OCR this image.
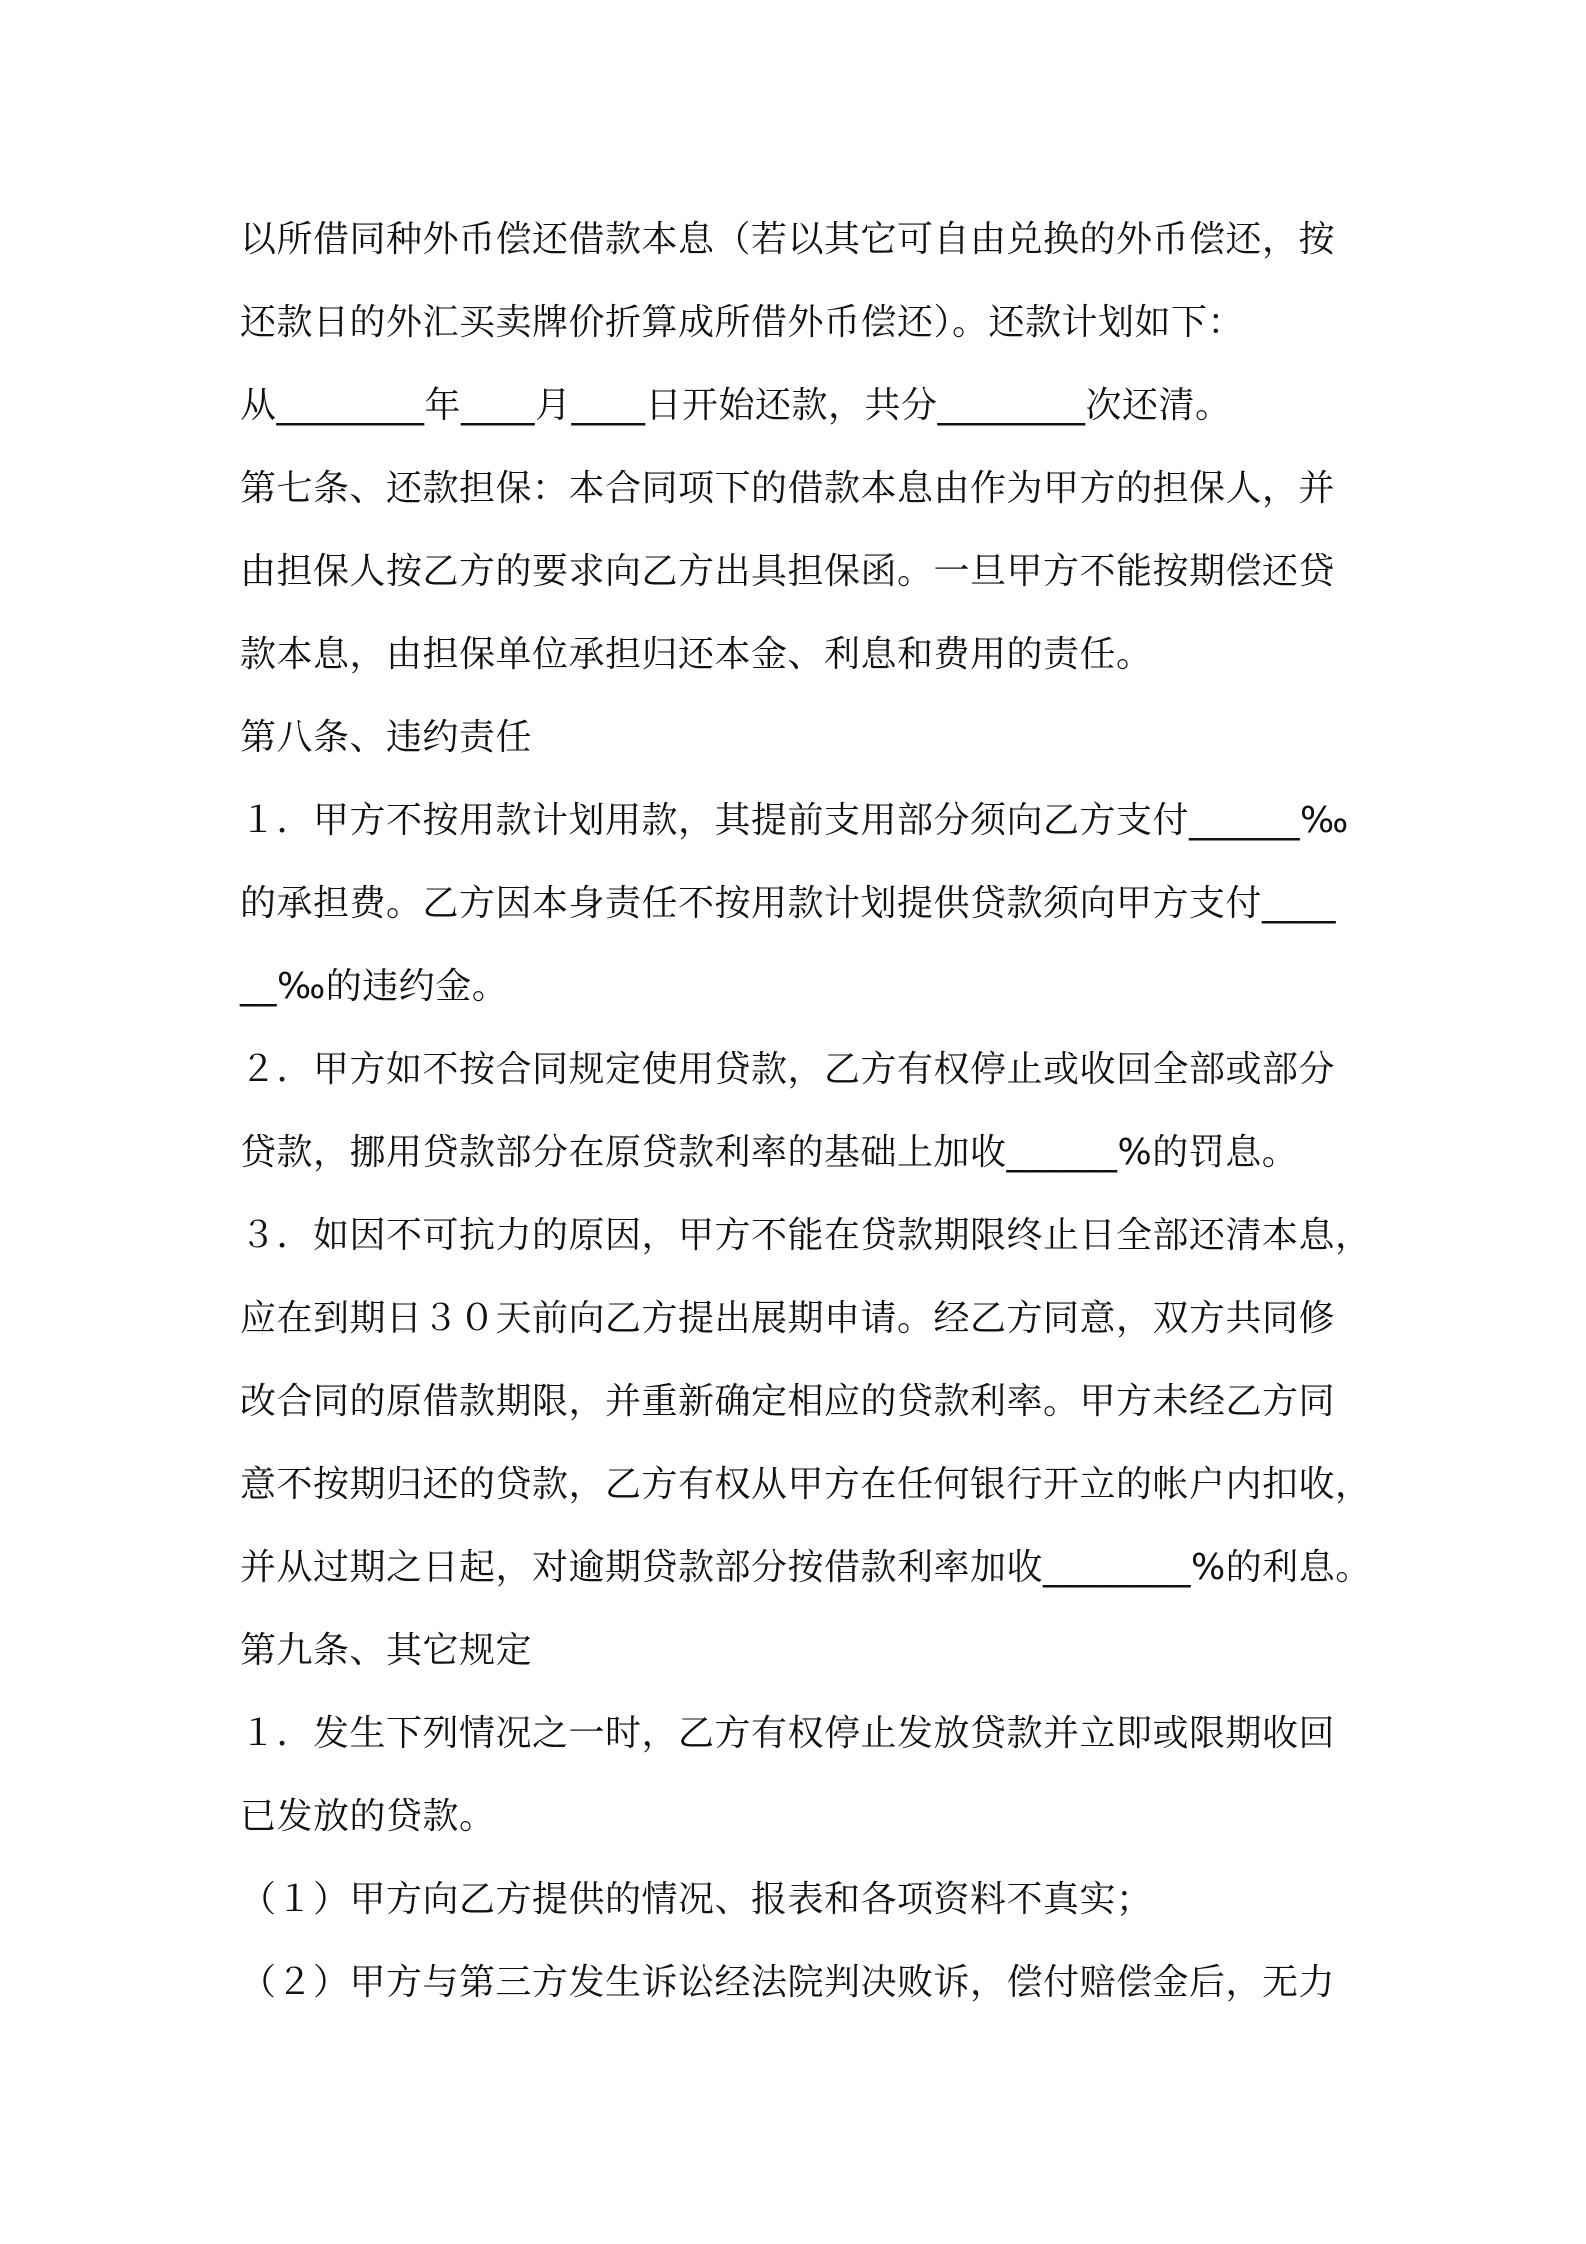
以所借同种外币偿还借款本息（若以其它可自由兑换的外币偿还，按
还款日的外汇买卖牌价折算成所借外币偿还）。还款计划如下：
从________年____月____日开始还款，共分________次还清。
第七条、还款担保：本合同项下的借款本息由作为甲方的担保人，并
由担保人按乙方的要求向乙方出具担保函。一旦甲方不能按期偿还贷
款本息，由担保单位承担归还本金、利息和费用的责任。
第八条、违约责任
１．甲方不按用款计划用款，其提前支用部分须向乙方支付______‰
的承担费。乙方因本身责任不按用款计划提供贷款须向甲方支付____
__‰的违约金。
２．甲方如不按合同规定使用贷款，乙方有权停止或收回全部或部分
贷款，挪用贷款部分在原贷款利率的基础上加收______%的罚息。
３．如因不可抗力的原因，甲方不能在贷款期限终止日全部还清本息，
应在到期日３０天前向乙方提出展期申请。经乙方同意，双方共同修
改合同的原借款期限，并重新确定相应的贷款利率。甲方未经乙方同
意不按期归还的贷款，乙方有权从甲方在任何银行开立的帐户内扣收，
并从过期之日起，对逾期贷款部分按借款利率加收________%的利息。
第九条、其它规定
１．发生下列情况之一时，乙方有权停止发放贷款并立即或限期收回
已发放的贷款。
（１）甲方向乙方提供的情况、报表和各项资料不真实；
（２）甲方与第三方发生诉讼经法院判决败诉，偿付赔偿金后，无力
